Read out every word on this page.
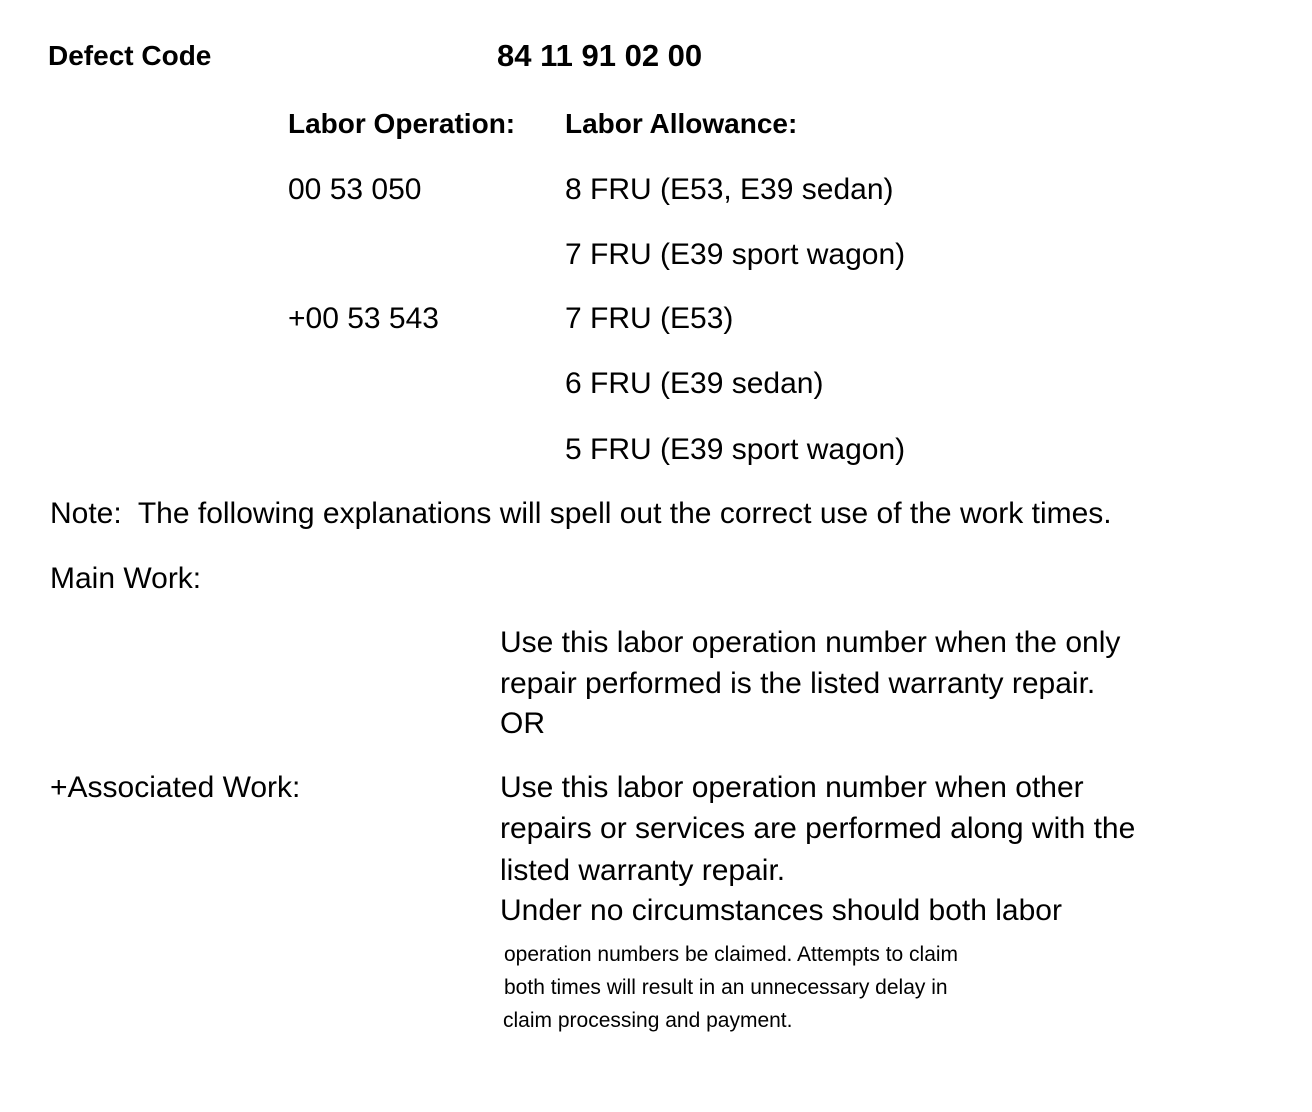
Defect Code	84 11 91 02 00
Labor Operation: Labor Allowance:
00 53 050	8 FRU (E53, E39 sedan)
7 FRU (E39 sport wagon)
+00 53 543	7 FRU (E53)
6 FRU (E39 sedan)
5 FRU (E39 sport wagon)
Note:  The following explanations will spell out the correct use of the work times.
Main Work:
Use this labor operation number when the only
repair performed is the listed warranty repair.
OR
+Associated Work:	Use this labor operation number when other
repairs or services are performed along with the
listed warranty repair.
Under no circumstances should both labor
operation numbers be claimed. Attempts to claim
both times will result in an unnecessary delay in
claim processing and payment.
